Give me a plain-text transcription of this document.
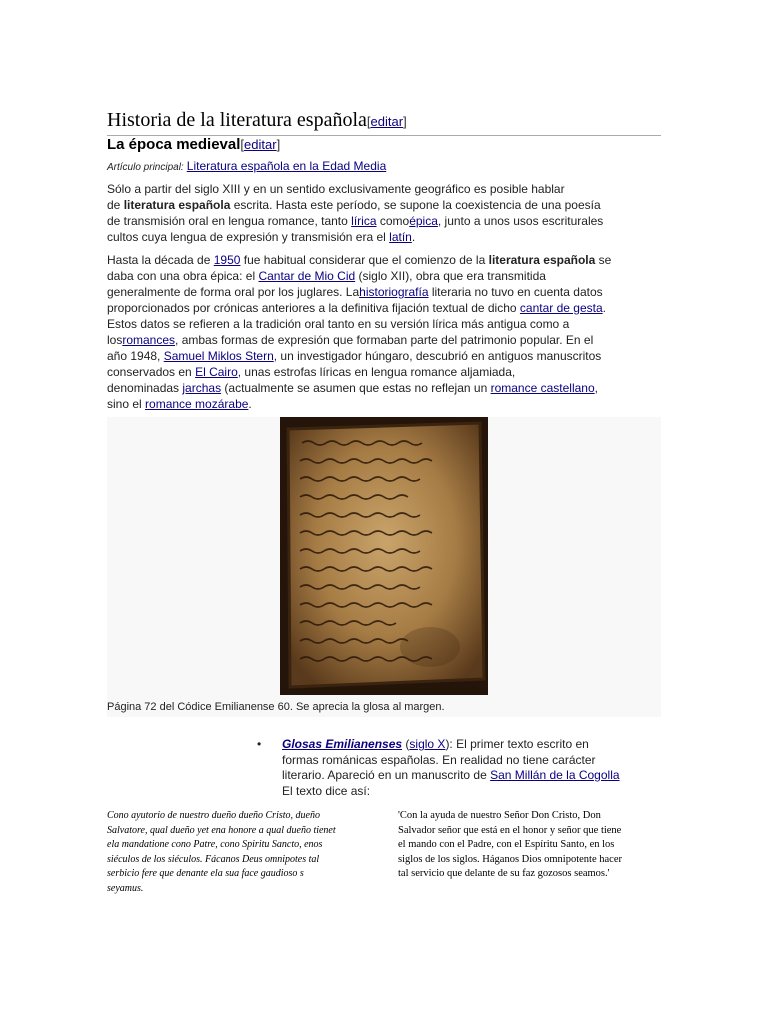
Historia de la literatura española[editar]
La época medieval[editar]
Artículo principal: Literatura española en la Edad Media
Sólo a partir del siglo XIII y en un sentido exclusivamente geográfico es posible hablar
de literatura española escrita. Hasta este período, se supone la coexistencia de una poesía
de transmisión oral en lengua romance, tanto lírica comoépica, junto a unos usos escriturales
cultos cuya lengua de expresión y transmisión era el latín.
Hasta la década de 1950 fue habitual considerar que el comienzo de la literatura española se
daba con una obra épica: el Cantar de Mio Cid (siglo XII), obra que era transmitida
generalmente de forma oral por los juglares. Lahistoriografía literaria no tuvo en cuenta datos
proporcionados por crónicas anteriores a la definitiva fijación textual de dicho cantar de gesta.
Estos datos se refieren a la tradición oral tanto en su versión lírica más antigua como a
losromances, ambas formas de expresión que formaban parte del patrimonio popular. En el
año 1948, Samuel Miklos Stern, un investigador húngaro, descubrió en antiguos manuscritos
conservados en El Cairo, unas estrofas líricas en lengua romance aljamiada,
denominadas jarchas (actualmente se asumen que estas no reflejan un romance castellano,
sino el romance mozárabe.
Página 72 del Códice Emilianense 60. Se aprecia la glosa al margen.
• Glosas Emilianenses (siglo X): El primer texto escrito en
formas románicas españolas. En realidad no tiene carácter
literario. Apareció en un manuscrito de San Millán de la Cogolla
El texto dice así:
Cono ayutorio de nuestro dueño dueño Cristo, dueño
Salvatore, qual dueño yet ena honore a qual dueño tienet
ela mandatione cono Patre, cono Spiritu Sancto, enos
siéculos de los siéculos. Fácanos Deus omnipotes tal
serbicio fere que denante ela sua face gaudioso s
seyamus.
'Con la ayuda de nuestro Señor Don Cristo, Don
Salvador señor que está en el honor y señor que tiene
el mando con el Padre, con el Espíritu Santo, en los
siglos de los siglos. Háganos Dios omnipotente hacer
tal servicio que delante de su faz gozosos seamos.'
